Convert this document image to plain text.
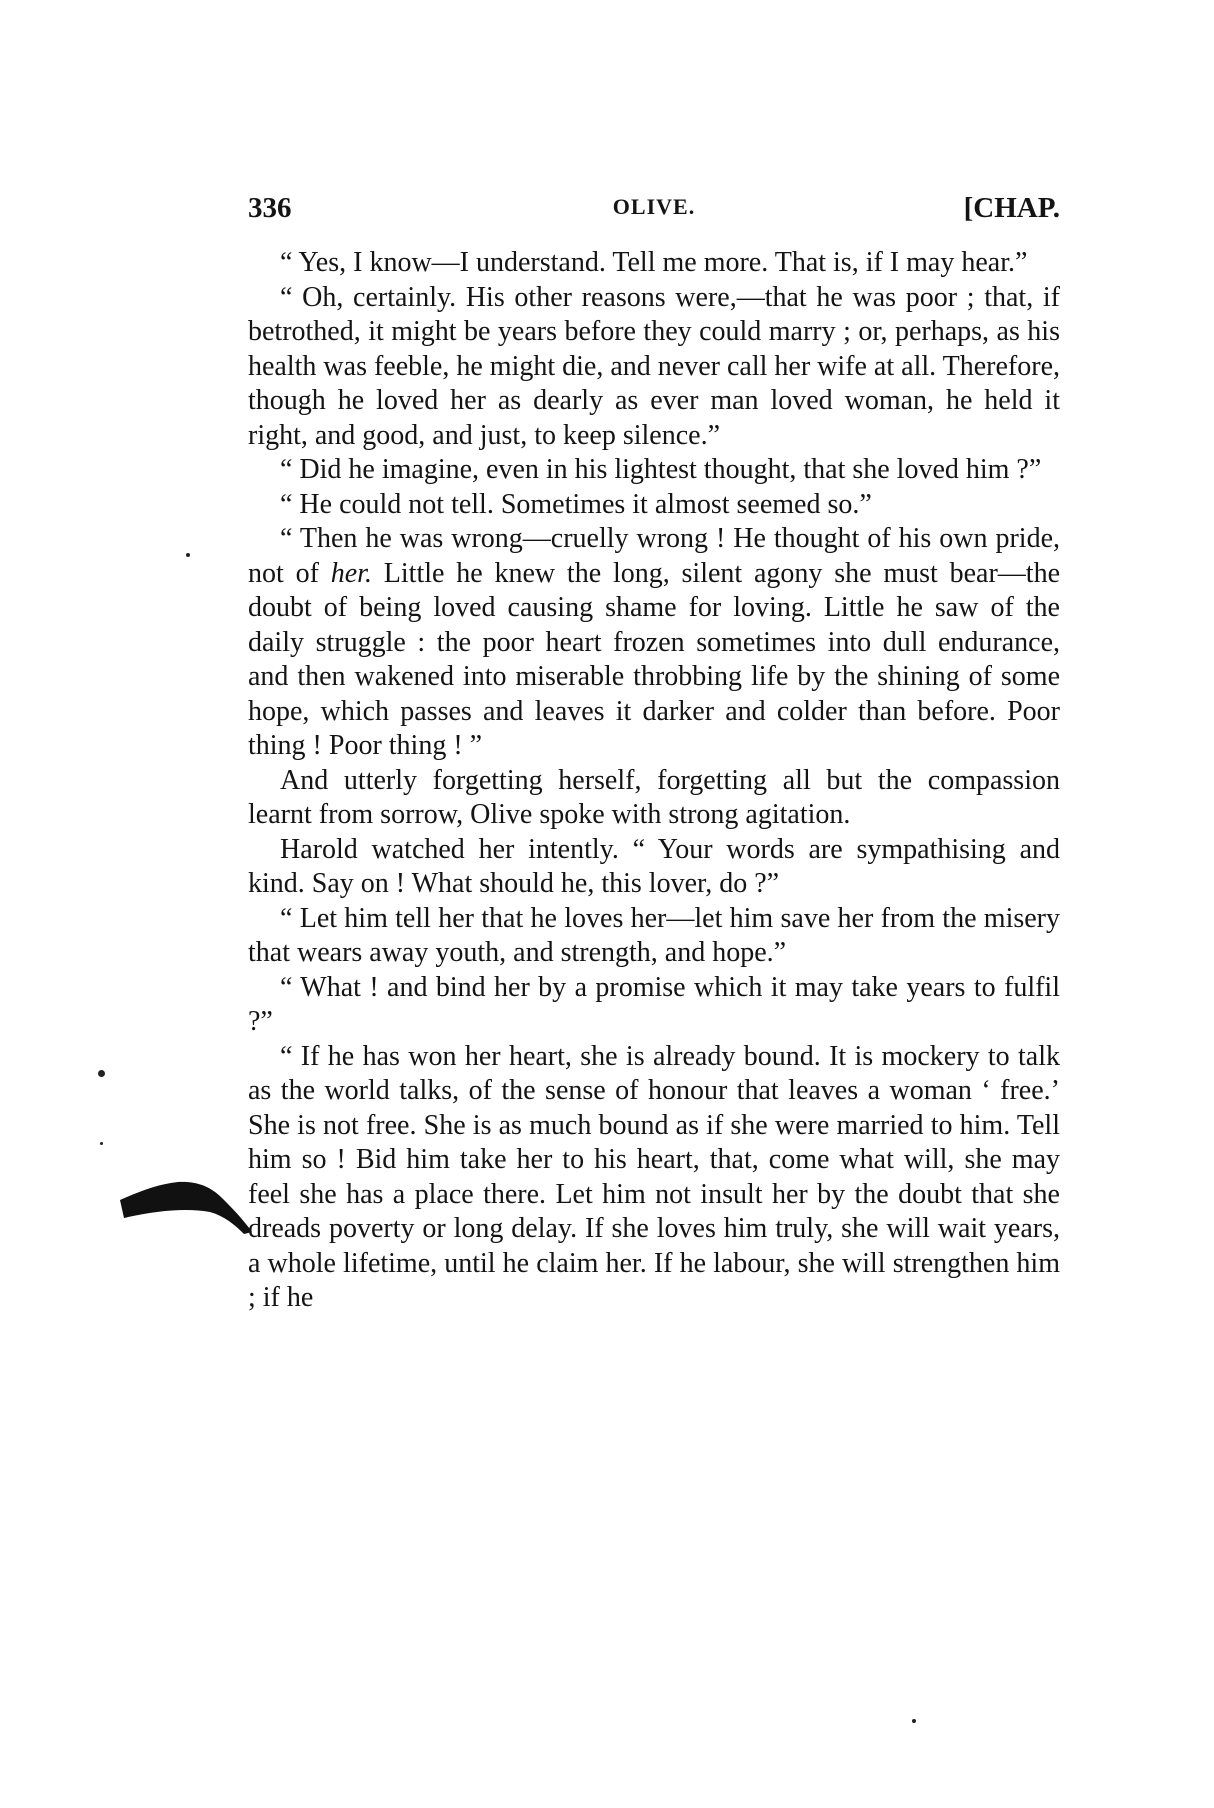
336	OLIVE.	[CHAP.

“ Yes, I know—I understand. Tell me more. That is, if I may hear.”

“ Oh, certainly. His other reasons were,—that he was poor ; that, if betrothed, it might be years before they could marry ; or, perhaps, as his health was feeble, he might die, and never call her wife at all. Therefore, though he loved her as dearly as ever man loved woman, he held it right, and good, and just, to keep silence.”

“ Did he imagine, even in his lightest thought, that she loved him ?”

“ He could not tell. Sometimes it almost seemed so.”

“ Then he was wrong—cruelly wrong ! He thought of his own pride, not of her. Little he knew the long, silent agony she must bear—the doubt of being loved causing shame for loving. Little he saw of the daily struggle : the poor heart frozen sometimes into dull endurance, and then wakened into miserable throbbing life by the shining of some hope, which passes and leaves it darker and colder than before. Poor thing ! Poor thing ! ”

And utterly forgetting herself, forgetting all but the compassion learnt from sorrow, Olive spoke with strong agitation.

Harold watched her intently. “ Your words are sympathising and kind. Say on ! What should he, this lover, do ?”

“ Let him tell her that he loves her—let him save her from the misery that wears away youth, and strength, and hope.”

“ What ! and bind her by a promise which it may take years to fulfil ?”

“ If he has won her heart, she is already bound. It is mockery to talk as the world talks, of the sense of honour that leaves a woman ‘ free.’ She is not free. She is as much bound as if she were married to him. Tell him so ! Bid him take her to his heart, that, come what will, she may feel she has a place there. Let him not insult her by the doubt that she dreads poverty or long delay. If she loves him truly, she will wait years, a whole lifetime, until he claim her. If he labour, she will strengthen him ; if he
